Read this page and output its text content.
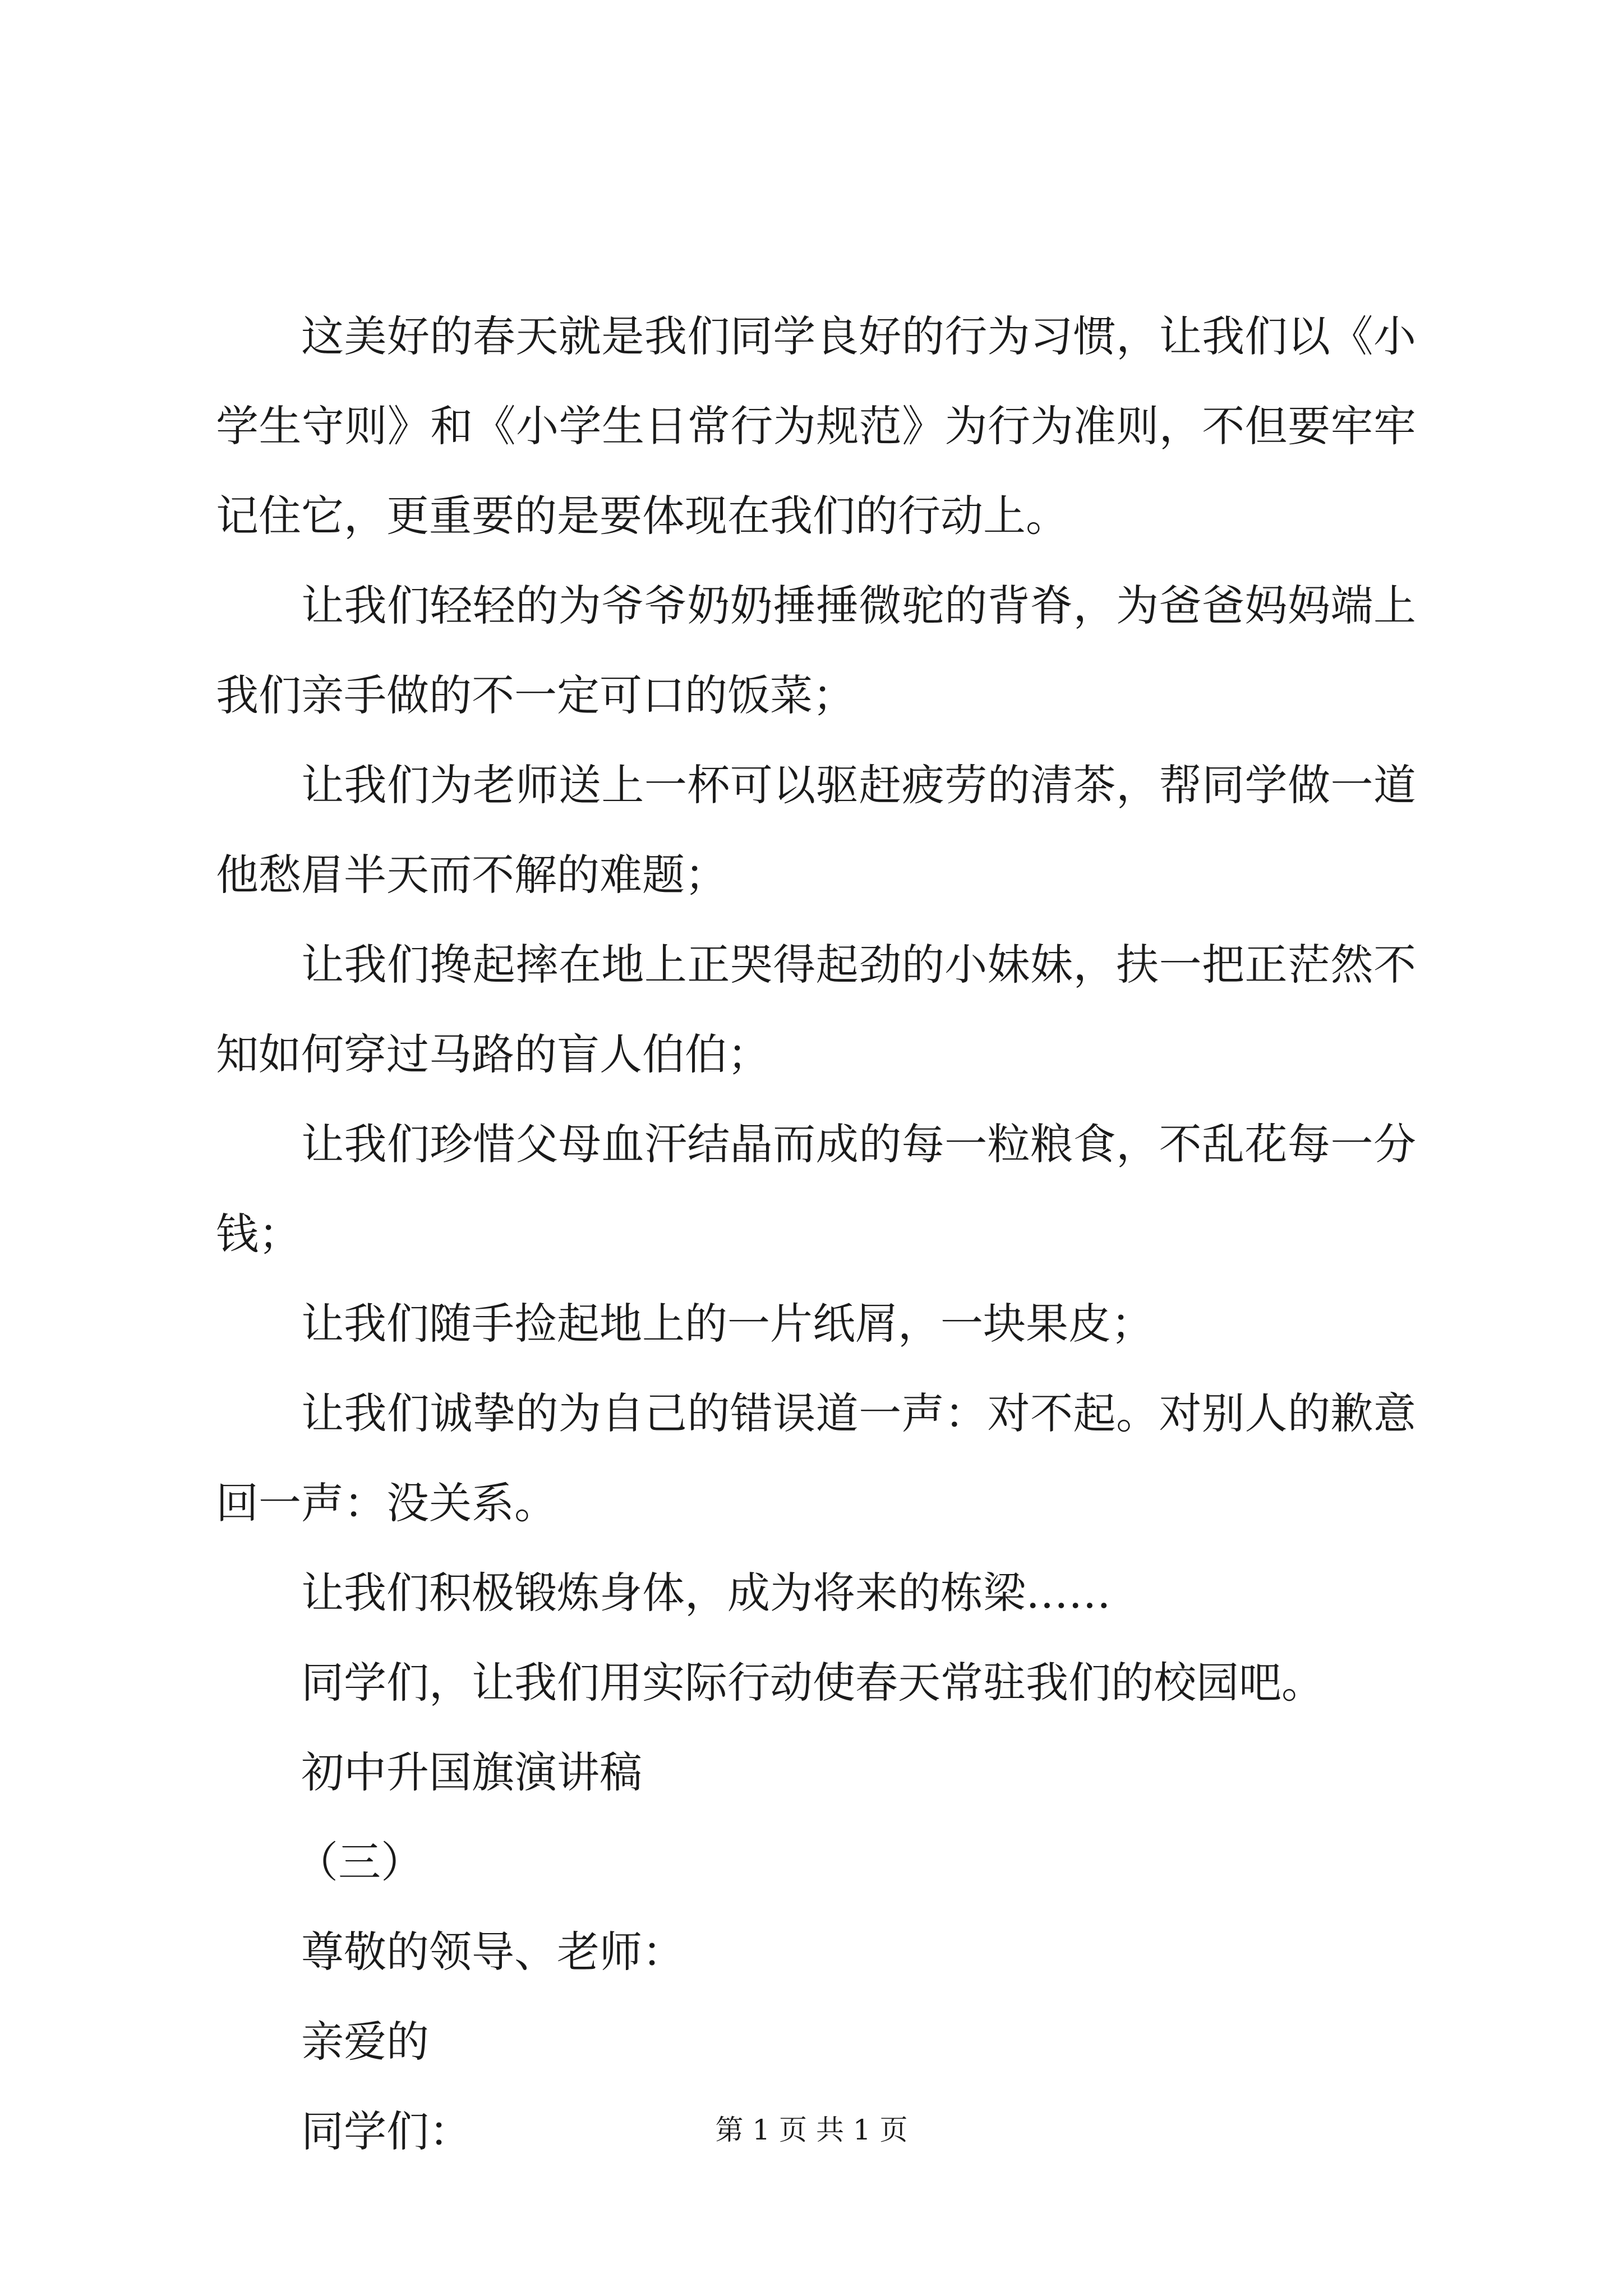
这美好的春天就是我们同学良好的行为习惯，让我们以《小学生守则》和《小学生日常行为规范》为行为准则，不但要牢牢记住它，更重要的是要体现在我们的行动上。

让我们轻轻的为爷爷奶奶捶捶微驼的背脊，为爸爸妈妈端上我们亲手做的不一定可口的饭菜；

让我们为老师送上一杯可以驱赶疲劳的清茶，帮同学做一道他愁眉半天而不解的难题；

让我们搀起摔在地上正哭得起劲的小妹妹，扶一把正茫然不知如何穿过马路的盲人伯伯；

让我们珍惜父母血汗结晶而成的每一粒粮食，不乱花每一分钱；

让我们随手捡起地上的一片纸屑，一块果皮；

让我们诚挚的为自己的错误道一声：对不起。对别人的歉意回一声：没关系。

让我们积极锻炼身体，成为将来的栋梁……

同学们，让我们用实际行动使春天常驻我们的校园吧。

初中升国旗演讲稿

（三）

尊敬的领导、老师：

亲爱的

同学们：	第 1 页 共 1 页
